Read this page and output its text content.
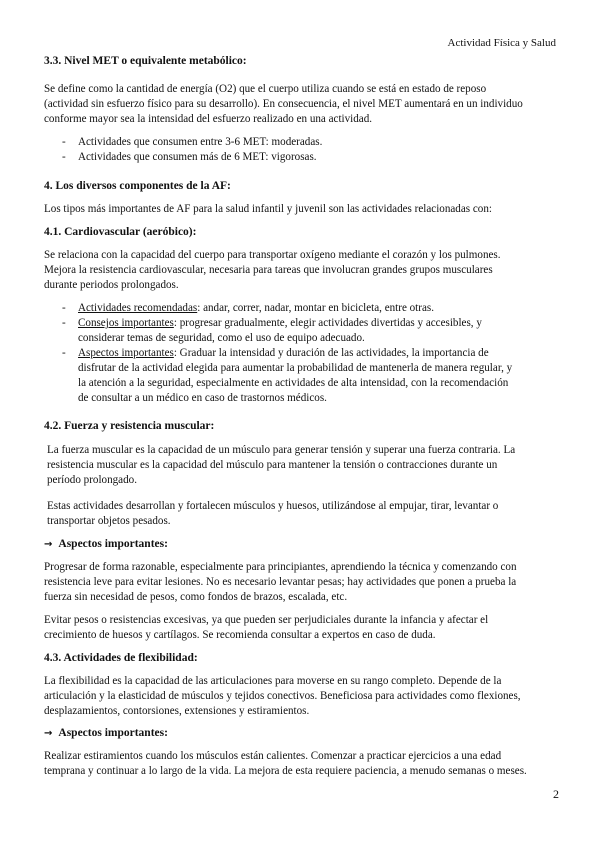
Actividad Física y Salud
3.3. Nivel MET o equivalente metabólico:
Se define como la cantidad de energía (O2) que el cuerpo utiliza cuando se está en estado de reposo
(actividad sin esfuerzo físico para su desarrollo). En consecuencia, el nivel MET aumentará en un individuo
conforme mayor sea la intensidad del esfuerzo realizado en una actividad.
- Actividades que consumen entre 3-6 MET: moderadas.
- Actividades que consumen más de 6 MET: vigorosas.
4. Los diversos componentes de la AF:
Los tipos más importantes de AF para la salud infantil y juvenil son las actividades relacionadas con:
4.1. Cardiovascular (aeróbico):
Se relaciona con la capacidad del cuerpo para transportar oxígeno mediante el corazón y los pulmones.
Mejora la resistencia cardiovascular, necesaria para tareas que involucran grandes grupos musculares
durante periodos prolongados.
- Actividades recomendadas: andar, correr, nadar, montar en bicicleta, entre otras.
- Consejos importantes: progresar gradualmente, elegir actividades divertidas y accesibles, y
considerar temas de seguridad, como el uso de equipo adecuado.
- Aspectos importantes: Graduar la intensidad y duración de las actividades, la importancia de
disfrutar de la actividad elegida para aumentar la probabilidad de mantenerla de manera regular, y
la atención a la seguridad, especialmente en actividades de alta intensidad, con la recomendación
de consultar a un médico en caso de trastornos médicos.
4.2. Fuerza y resistencia muscular:
La fuerza muscular es la capacidad de un músculo para generar tensión y superar una fuerza contraria. La
resistencia muscular es la capacidad del músculo para mantener la tensión o contracciones durante un
período prolongado.
Estas actividades desarrollan y fortalecen músculos y huesos, utilizándose al empujar, tirar, levantar o
transportar objetos pesados.
→ Aspectos importantes:
Progresar de forma razonable, especialmente para principiantes, aprendiendo la técnica y comenzando con
resistencia leve para evitar lesiones. No es necesario levantar pesas; hay actividades que ponen a prueba la
fuerza sin necesidad de pesos, como fondos de brazos, escalada, etc.
Evitar pesos o resistencias excesivas, ya que pueden ser perjudiciales durante la infancia y afectar el
crecimiento de huesos y cartílagos. Se recomienda consultar a expertos en caso de duda.
4.3. Actividades de flexibilidad:
La flexibilidad es la capacidad de las articulaciones para moverse en su rango completo. Depende de la
articulación y la elasticidad de músculos y tejidos conectivos. Beneficiosa para actividades como flexiones,
desplazamientos, contorsiones, extensiones y estiramientos.
→ Aspectos importantes:
Realizar estiramientos cuando los músculos están calientes. Comenzar a practicar ejercicios a una edad
temprana y continuar a lo largo de la vida. La mejora de esta requiere paciencia, a menudo semanas o meses.
2
